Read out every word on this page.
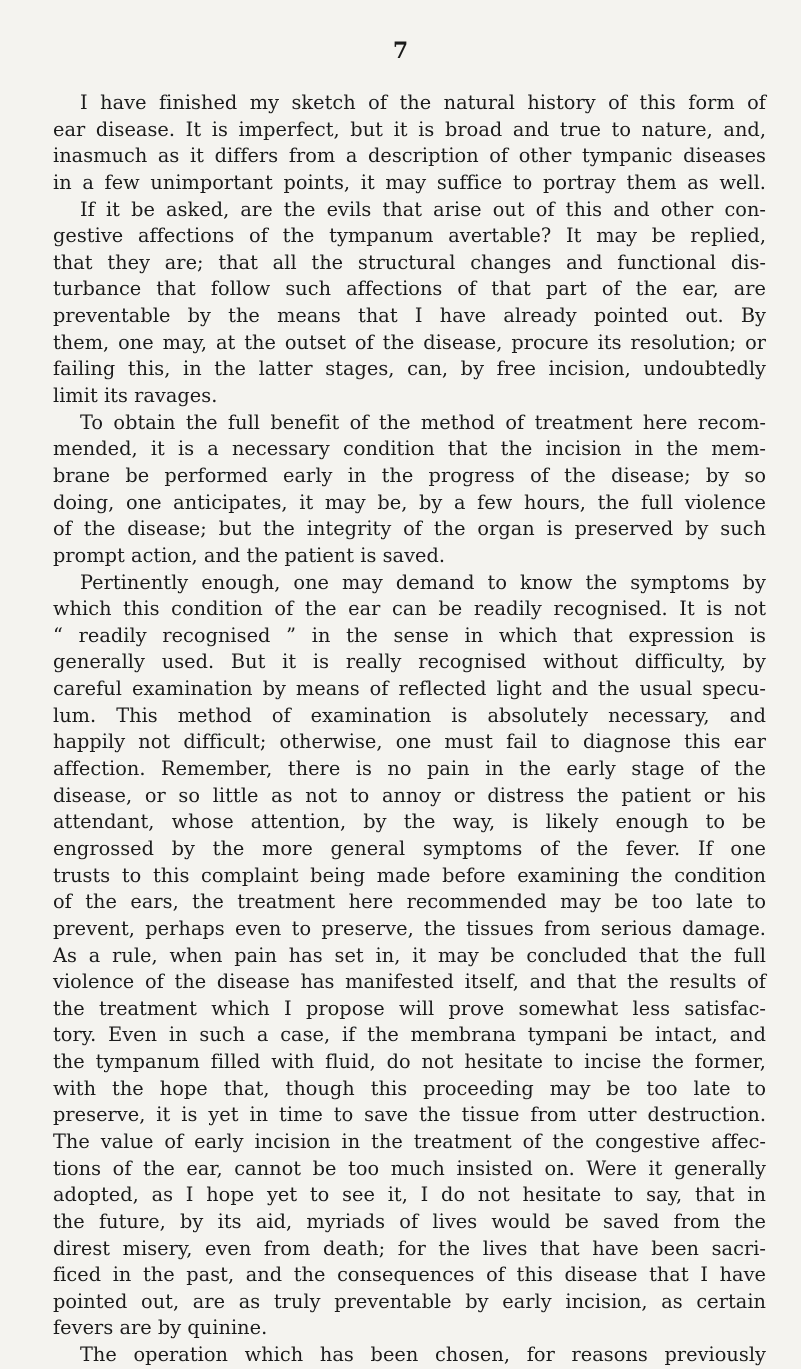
7
I have finished my sketch of the natural history of this form of
ear disease. It is imperfect, but it is broad and true to nature, and,
inasmuch as it differs from a description of other tympanic diseases
in a few unimportant points, it may suffice to portray them as well.
If it be asked, are the evils that arise out of this and other con-
gestive affections of the tympanum avertable? It may be replied,
that they are; that all the structural changes and functional dis-
turbance that follow such affections of that part of the ear, are
preventable by the means that I have already pointed out. By
them, one may, at the outset of the disease, procure its resolution; or
failing this, in the latter stages, can, by free incision, undoubtedly
limit its ravages.
To obtain the full benefit of the method of treatment here recom-
mended, it is a necessary condition that the incision in the mem-
brane be performed early in the progress of the disease; by so
doing, one anticipates, it may be, by a few hours, the full violence
of the disease; but the integrity of the organ is preserved by such
prompt action, and the patient is saved.
Pertinently enough, one may demand to know the symptoms by
which this condition of the ear can be readily recognised. It is not
“ readily recognised ” in the sense in which that expression is
generally used. But it is really recognised without difficulty, by
careful examination by means of reflected light and the usual specu-
lum. This method of examination is absolutely necessary, and
happily not difficult; otherwise, one must fail to diagnose this ear
affection. Remember, there is no pain in the early stage of the
disease, or so little as not to annoy or distress the patient or his
attendant, whose attention, by the way, is likely enough to be
engrossed by the more general symptoms of the fever. If one
trusts to this complaint being made before examining the condition
of the ears, the treatment here recommended may be too late to
prevent, perhaps even to preserve, the tissues from serious damage.
As a rule, when pain has set in, it may be concluded that the full
violence of the disease has manifested itself, and that the results of
the treatment which I propose will prove somewhat less satisfac-
tory. Even in such a case, if the membrana tympani be intact, and
the tympanum filled with fluid, do not hesitate to incise the former,
with the hope that, though this proceeding may be too late to
preserve, it is yet in time to save the tissue from utter destruction.
The value of early incision in the treatment of the congestive affec-
tions of the ear, cannot be too much insisted on. Were it generally
adopted, as I hope yet to see it, I do not hesitate to say, that in
the future, by its aid, myriads of lives would be saved from the
direst misery, even from death; for the lives that have been sacri-
ficed in the past, and the consequences of this disease that I have
pointed out, are as truly preventable by early incision, as certain
fevers are by quinine.
The operation which has been chosen, for reasons previously
